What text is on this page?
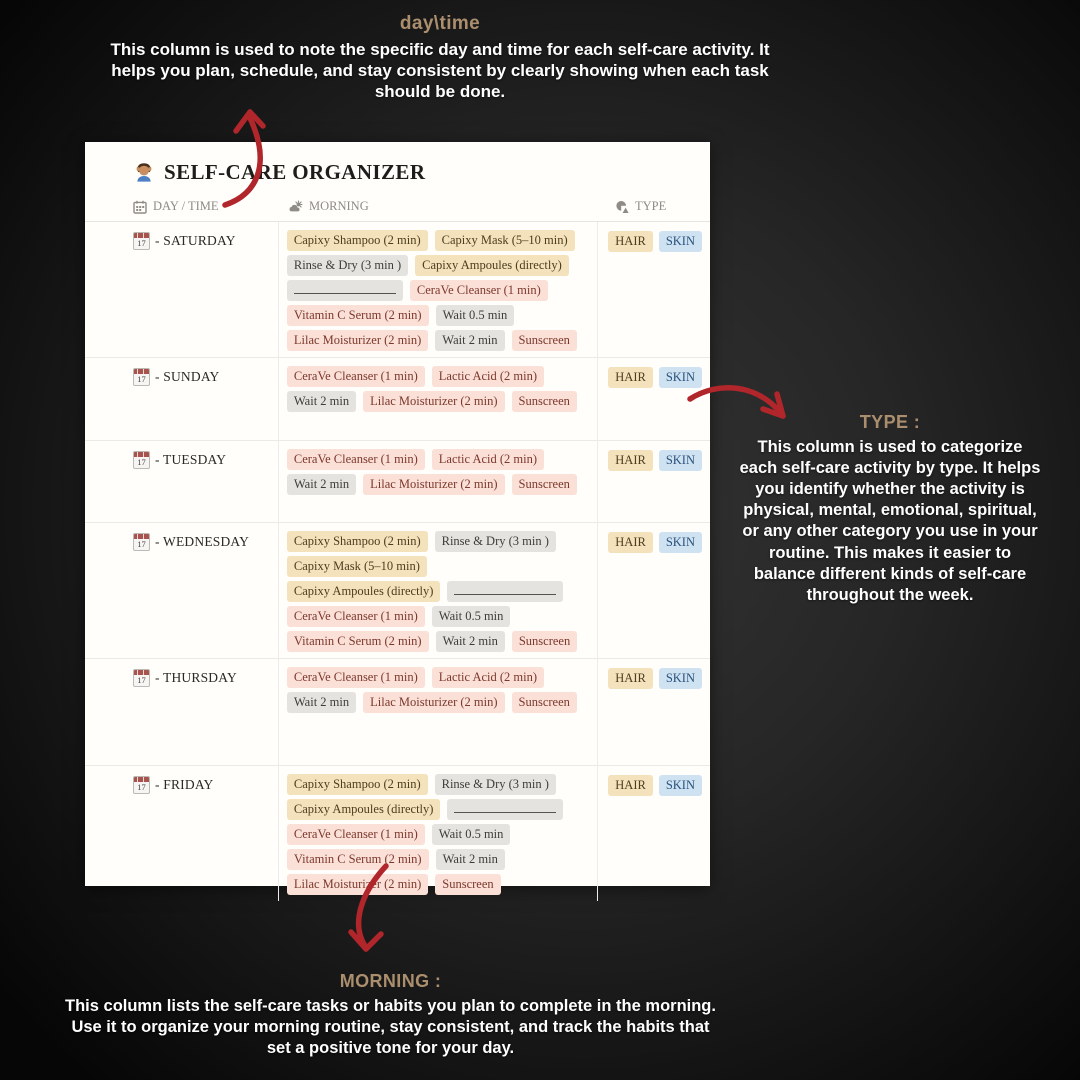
day\time
This column is used to note the specific day and time for each self-care activity. It helps you plan, schedule, and stay consistent by clearly showing when each task should be done.
TYPE :
This column is used to categorize each self-care activity by type. It helps you identify whether the activity is physical, mental, emotional, spiritual, or any other category you use in your routine. This makes it easier to balance different kinds of self-care throughout the week.
MORNING :
This column lists the self-care tasks or habits you plan to complete in the morning. Use it to organize your morning routine, stay consistent, and track the habits that set a positive tone for your day.
SELF-CARE ORGANIZER
DAY / TIME	MORNING	TYPE
17 - SATURDAY	Capixy Shampoo (2 min) Capixy Mask (5–10 min)
Rinse & Dry (3 min ) Capixy Ampoules (directly)
CeraVe Cleanser (1 min)
Vitamin C Serum (2 min) Wait 0.5 min
Lilac Moisturizer (2 min) Wait 2 min Sunscreen
HAIR SKIN
17 - SUNDAY	CeraVe Cleanser (1 min) Lactic Acid (2 min)
Wait 2 min Lilac Moisturizer (2 min) Sunscreen
HAIR SKIN
17 - TUESDAY	CeraVe Cleanser (1 min) Lactic Acid (2 min)
Wait 2 min Lilac Moisturizer (2 min) Sunscreen
HAIR SKIN
17 - WEDNESDAY	Capixy Shampoo (2 min) Rinse & Dry (3 min )
Capixy Mask (5–10 min)
Capixy Ampoules (directly)
CeraVe Cleanser (1 min) Wait 0.5 min
Vitamin C Serum (2 min) Wait 2 min Sunscreen
HAIR SKIN
17 - THURSDAY	CeraVe Cleanser (1 min) Lactic Acid (2 min)
Wait 2 min Lilac Moisturizer (2 min) Sunscreen
HAIR SKIN
17 - FRIDAY	Capixy Shampoo (2 min) Rinse & Dry (3 min )
Capixy Ampoules (directly)
CeraVe Cleanser (1 min) Wait 0.5 min
Vitamin C Serum (2 min) Wait 2 min
Lilac Moisturizer (2 min) Sunscreen
HAIR SKIN
